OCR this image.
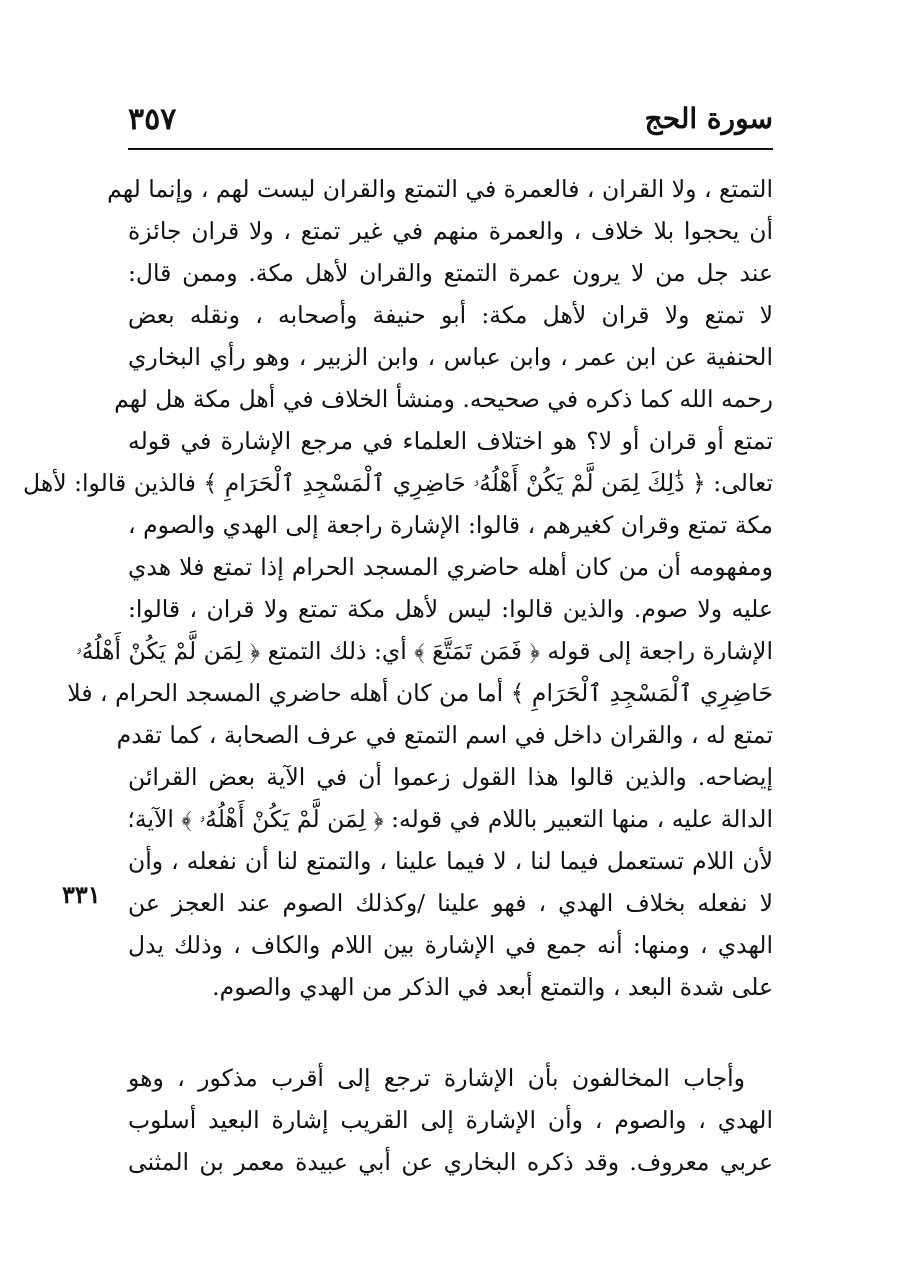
٣٥٧	سورة الحج
التمتع ، ولا القران ، فالعمرة في التمتع والقران ليست لهم ، وإنما لهم
أن يحجوا بلا خلاف ، والعمرة منهم في غير تمتع ، ولا قران جائزة
عند جل من لا يرون عمرة التمتع والقران لأهل مكة. وممن قال:
لا تمتع ولا قران لأهل مكة: أبو حنيفة وأصحابه ، ونقله بعض
الحنفية عن ابن عمر ، وابن عباس ، وابن الزبير ، وهو رأي البخاري
رحمه الله كما ذكره في صحيحه. ومنشأ الخلاف في أهل مكة هل لهم
تمتع أو قران أو لا؟ هو اختلاف العلماء في مرجع الإشارة في قوله
تعالى: ﴿ ذَٰلِكَ لِمَن لَّمْ يَكُنْ أَهْلُهُۥ حَاضِرِي ٱلْمَسْجِدِ ٱلْحَرَامِ ﴾ فالذين قالوا: لأهل
مكة تمتع وقران كغيرهم ، قالوا: الإشارة راجعة إلى الهدي والصوم ،
ومفهومه أن من كان أهله حاضري المسجد الحرام إذا تمتع فلا هدي
عليه ولا صوم. والذين قالوا: ليس لأهل مكة تمتع ولا قران ، قالوا:
الإشارة راجعة إلى قوله ﴿ فَمَن تَمَتَّعَ ﴾ أي: ذلك التمتع ﴿ لِمَن لَّمْ يَكُنْ أَهْلُهُۥ
حَاضِرِي ٱلْمَسْجِدِ ٱلْحَرَامِ ﴾ أما من كان أهله حاضري المسجد الحرام ، فلا
تمتع له ، والقران داخل في اسم التمتع في عرف الصحابة ، كما تقدم
إيضاحه. والذين قالوا هذا القول زعموا أن في الآية بعض القرائن
الدالة عليه ، منها التعبير باللام في قوله: ﴿ لِمَن لَّمْ يَكُنْ أَهْلُهُۥ ﴾ الآية؛
لأن اللام تستعمل فيما لنا ، لا فيما علينا ، والتمتع لنا أن نفعله ، وأن
لا نفعله بخلاف الهدي ، فهو علينا /وكذلك الصوم عند العجز عن
الهدي ، ومنها: أنه جمع في الإشارة بين اللام والكاف ، وذلك يدل
على شدة البعد ، والتمتع أبعد في الذكر من الهدي والصوم.
وأجاب المخالفون بأن الإشارة ترجع إلى أقرب مذكور ، وهو
الهدي ، والصوم ، وأن الإشارة إلى القريب إشارة البعيد أسلوب
عربي معروف. وقد ذكره البخاري عن أبي عبيدة معمر بن المثنى
٣٣١
